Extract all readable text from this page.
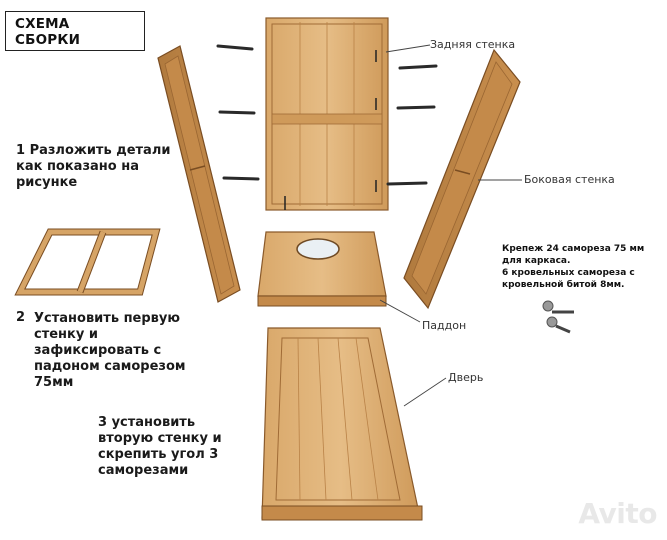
СХЕМА
СБОРКИ
1 Разложить детали
как показано на
рисунке
2 Установить первую
стенку и
зафиксировать с
падоном саморезом
75мм
3 установить
вторую стенку и
скрепить угол 3
саморезами
Задняя стенка
Боковая стенка
Паддон
Дверь
Крепеж 24 самореза 75 мм
для каркаса.
6 кровельных самореза с
кровельной битой 8мм.
Avito
